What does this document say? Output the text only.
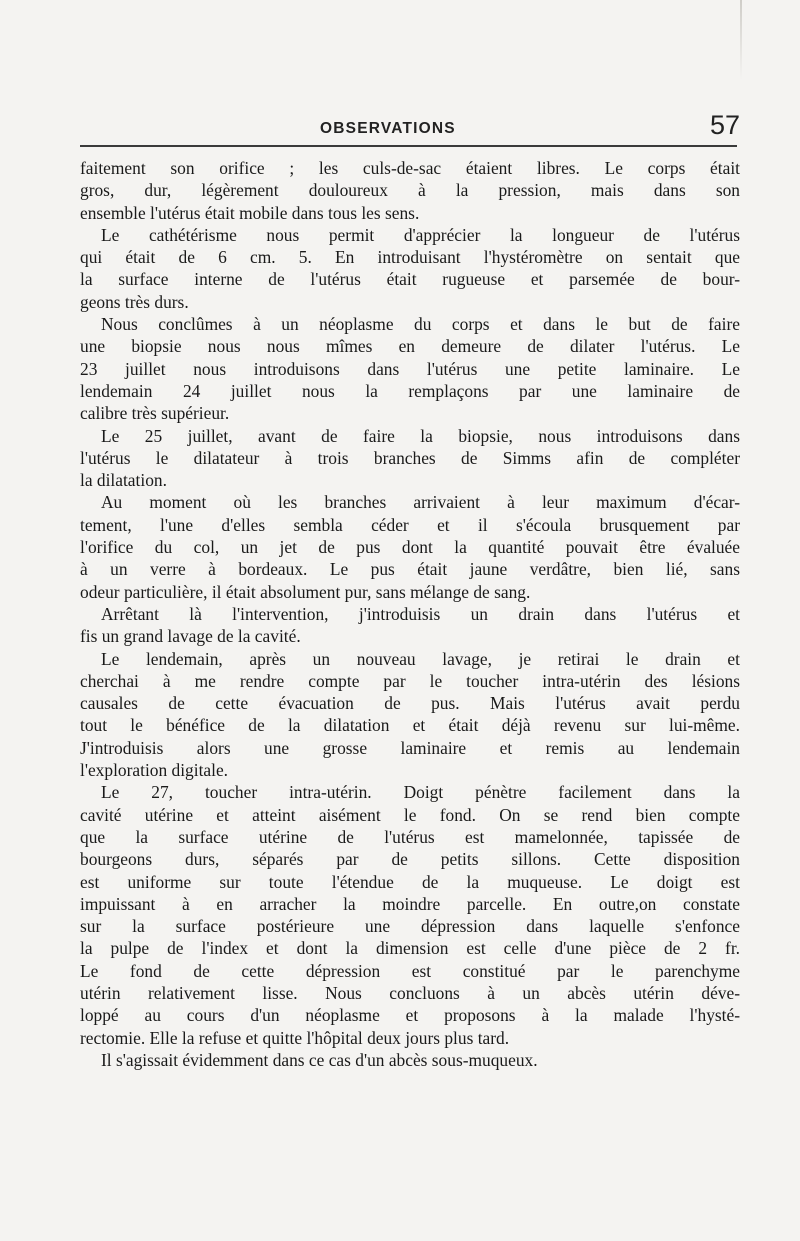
OBSERVATIONS	57
faitement son orifice ; les culs-de-sac étaient libres. Le corps était
gros, dur, légèrement douloureux à la pression, mais dans son
ensemble l'utérus était mobile dans tous les sens.
Le cathétérisme nous permit d'apprécier la longueur de l'utérus
qui était de 6 cm. 5. En introduisant l'hystéromètre on sentait que
la surface interne de l'utérus était rugueuse et parsemée de bour-
geons très durs.
Nous conclûmes à un néoplasme du corps et dans le but de faire
une biopsie nous nous mîmes en demeure de dilater l'utérus. Le
23 juillet nous introduisons dans l'utérus une petite laminaire. Le
lendemain 24 juillet nous la remplaçons par une laminaire de
calibre très supérieur.
Le 25 juillet, avant de faire la biopsie, nous introduisons dans
l'utérus le dilatateur à trois branches de Simms afin de compléter
la dilatation.
Au moment où les branches arrivaient à leur maximum d'écar-
tement, l'une d'elles sembla céder et il s'écoula brusquement par
l'orifice du col, un jet de pus dont la quantité pouvait être évaluée
à un verre à bordeaux. Le pus était jaune verdâtre, bien lié, sans
odeur particulière, il était absolument pur, sans mélange de sang.
Arrêtant là l'intervention, j'introduisis un drain dans l'utérus et
fis un grand lavage de la cavité.
Le lendemain, après un nouveau lavage, je retirai le drain et
cherchai à me rendre compte par le toucher intra-utérin des lésions
causales de cette évacuation de pus. Mais l'utérus avait perdu
tout le bénéfice de la dilatation et était déjà revenu sur lui-même.
J'introduisis alors une grosse laminaire et remis au lendemain
l'exploration digitale.
Le 27, toucher intra-utérin. Doigt pénètre facilement dans la
cavité utérine et atteint aisément le fond. On se rend bien compte
que la surface utérine de l'utérus est mamelonnée, tapissée de
bourgeons durs, séparés par de petits sillons. Cette disposition
est uniforme sur toute l'étendue de la muqueuse. Le doigt est
impuissant à en arracher la moindre parcelle. En outre,on constate
sur la surface postérieure une dépression dans laquelle s'enfonce
la pulpe de l'index et dont la dimension est celle d'une pièce de 2 fr.
Le fond de cette dépression est constitué par le parenchyme
utérin relativement lisse. Nous concluons à un abcès utérin déve-
loppé au cours d'un néoplasme et proposons à la malade l'hysté-
rectomie. Elle la refuse et quitte l'hôpital deux jours plus tard.
Il s'agissait évidemment dans ce cas d'un abcès sous-muqueux.
